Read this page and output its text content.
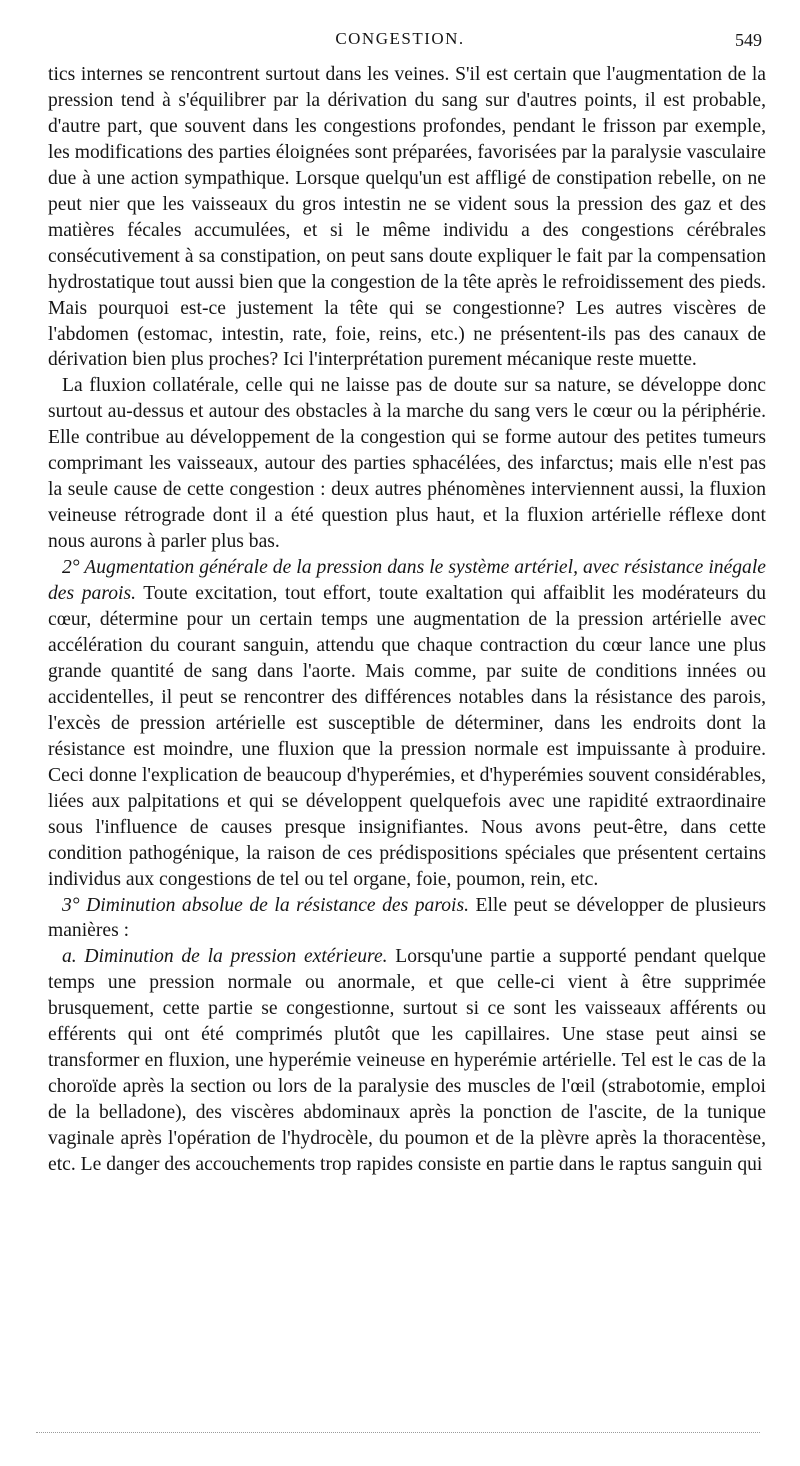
CONGESTION.	549

tics internes se rencontrent surtout dans les veines. S'il est certain que l'augmentation de la pression tend à s'équilibrer par la dérivation du sang sur d'autres points, il est probable, d'autre part, que souvent dans les congestions profondes, pendant le frisson par exemple, les modifications des parties éloignées sont préparées, favorisées par la paralysie vasculaire due à une action sympathique. Lorsque quelqu'un est affligé de constipation rebelle, on ne peut nier que les vaisseaux du gros intestin ne se vident sous la pression des gaz et des matières fécales accumulées, et si le même individu a des congestions cérébrales consécutivement à sa constipation, on peut sans doute expliquer le fait par la compensation hydrostatique tout aussi bien que la congestion de la tête après le refroidissement des pieds. Mais pourquoi est-ce justement la tête qui se congestionne? Les autres viscères de l'abdomen (estomac, intestin, rate, foie, reins, etc.) ne présentent-ils pas des canaux de dérivation bien plus proches? Ici l'interprétation purement mécanique reste muette.

La fluxion collatérale, celle qui ne laisse pas de doute sur sa nature, se développe donc surtout au-dessus et autour des obstacles à la marche du sang vers le cœur ou la périphérie. Elle contribue au développement de la congestion qui se forme autour des petites tumeurs comprimant les vaisseaux, autour des parties sphacélées, des infarctus; mais elle n'est pas la seule cause de cette congestion : deux autres phénomènes interviennent aussi, la fluxion veineuse rétrograde dont il a été question plus haut, et la fluxion artérielle réflexe dont nous aurons à parler plus bas.

2° Augmentation générale de la pression dans le système artériel, avec résistance inégale des parois. Toute excitation, tout effort, toute exaltation qui affaiblit les modérateurs du cœur, détermine pour un certain temps une augmentation de la pression artérielle avec accélération du courant sanguin, attendu que chaque contraction du cœur lance une plus grande quantité de sang dans l'aorte. Mais comme, par suite de conditions innées ou accidentelles, il peut se rencontrer des différences notables dans la résistance des parois, l'excès de pression artérielle est susceptible de déterminer, dans les endroits dont la résistance est moindre, une fluxion que la pression normale est impuissante à produire. Ceci donne l'explication de beaucoup d'hyperémies, et d'hyperémies souvent considérables, liées aux palpitations et qui se développent quelquefois avec une rapidité extraordinaire sous l'influence de causes presque insignifiantes. Nous avons peut-être, dans cette condition pathogénique, la raison de ces prédispositions spéciales que présentent certains individus aux congestions de tel ou tel organe, foie, poumon, rein, etc.

3° Diminution absolue de la résistance des parois. Elle peut se développer de plusieurs manières :

a. Diminution de la pression extérieure. Lorsqu'une partie a supporté pendant quelque temps une pression normale ou anormale, et que celle-ci vient à être supprimée brusquement, cette partie se congestionne, surtout si ce sont les vaisseaux afférents ou efférents qui ont été comprimés plutôt que les capillaires. Une stase peut ainsi se transformer en fluxion, une hyperémie veineuse en hyperémie artérielle. Tel est le cas de la choroïde après la section ou lors de la paralysie des muscles de l'œil (strabotomie, emploi de la belladone), des viscères abdominaux après la ponction de l'ascite, de la tunique vaginale après l'opération de l'hydrocèle, du poumon et de la plèvre après la thoracentèse, etc. Le danger des accouchements trop rapides consiste en partie dans le raptus sanguin qui
